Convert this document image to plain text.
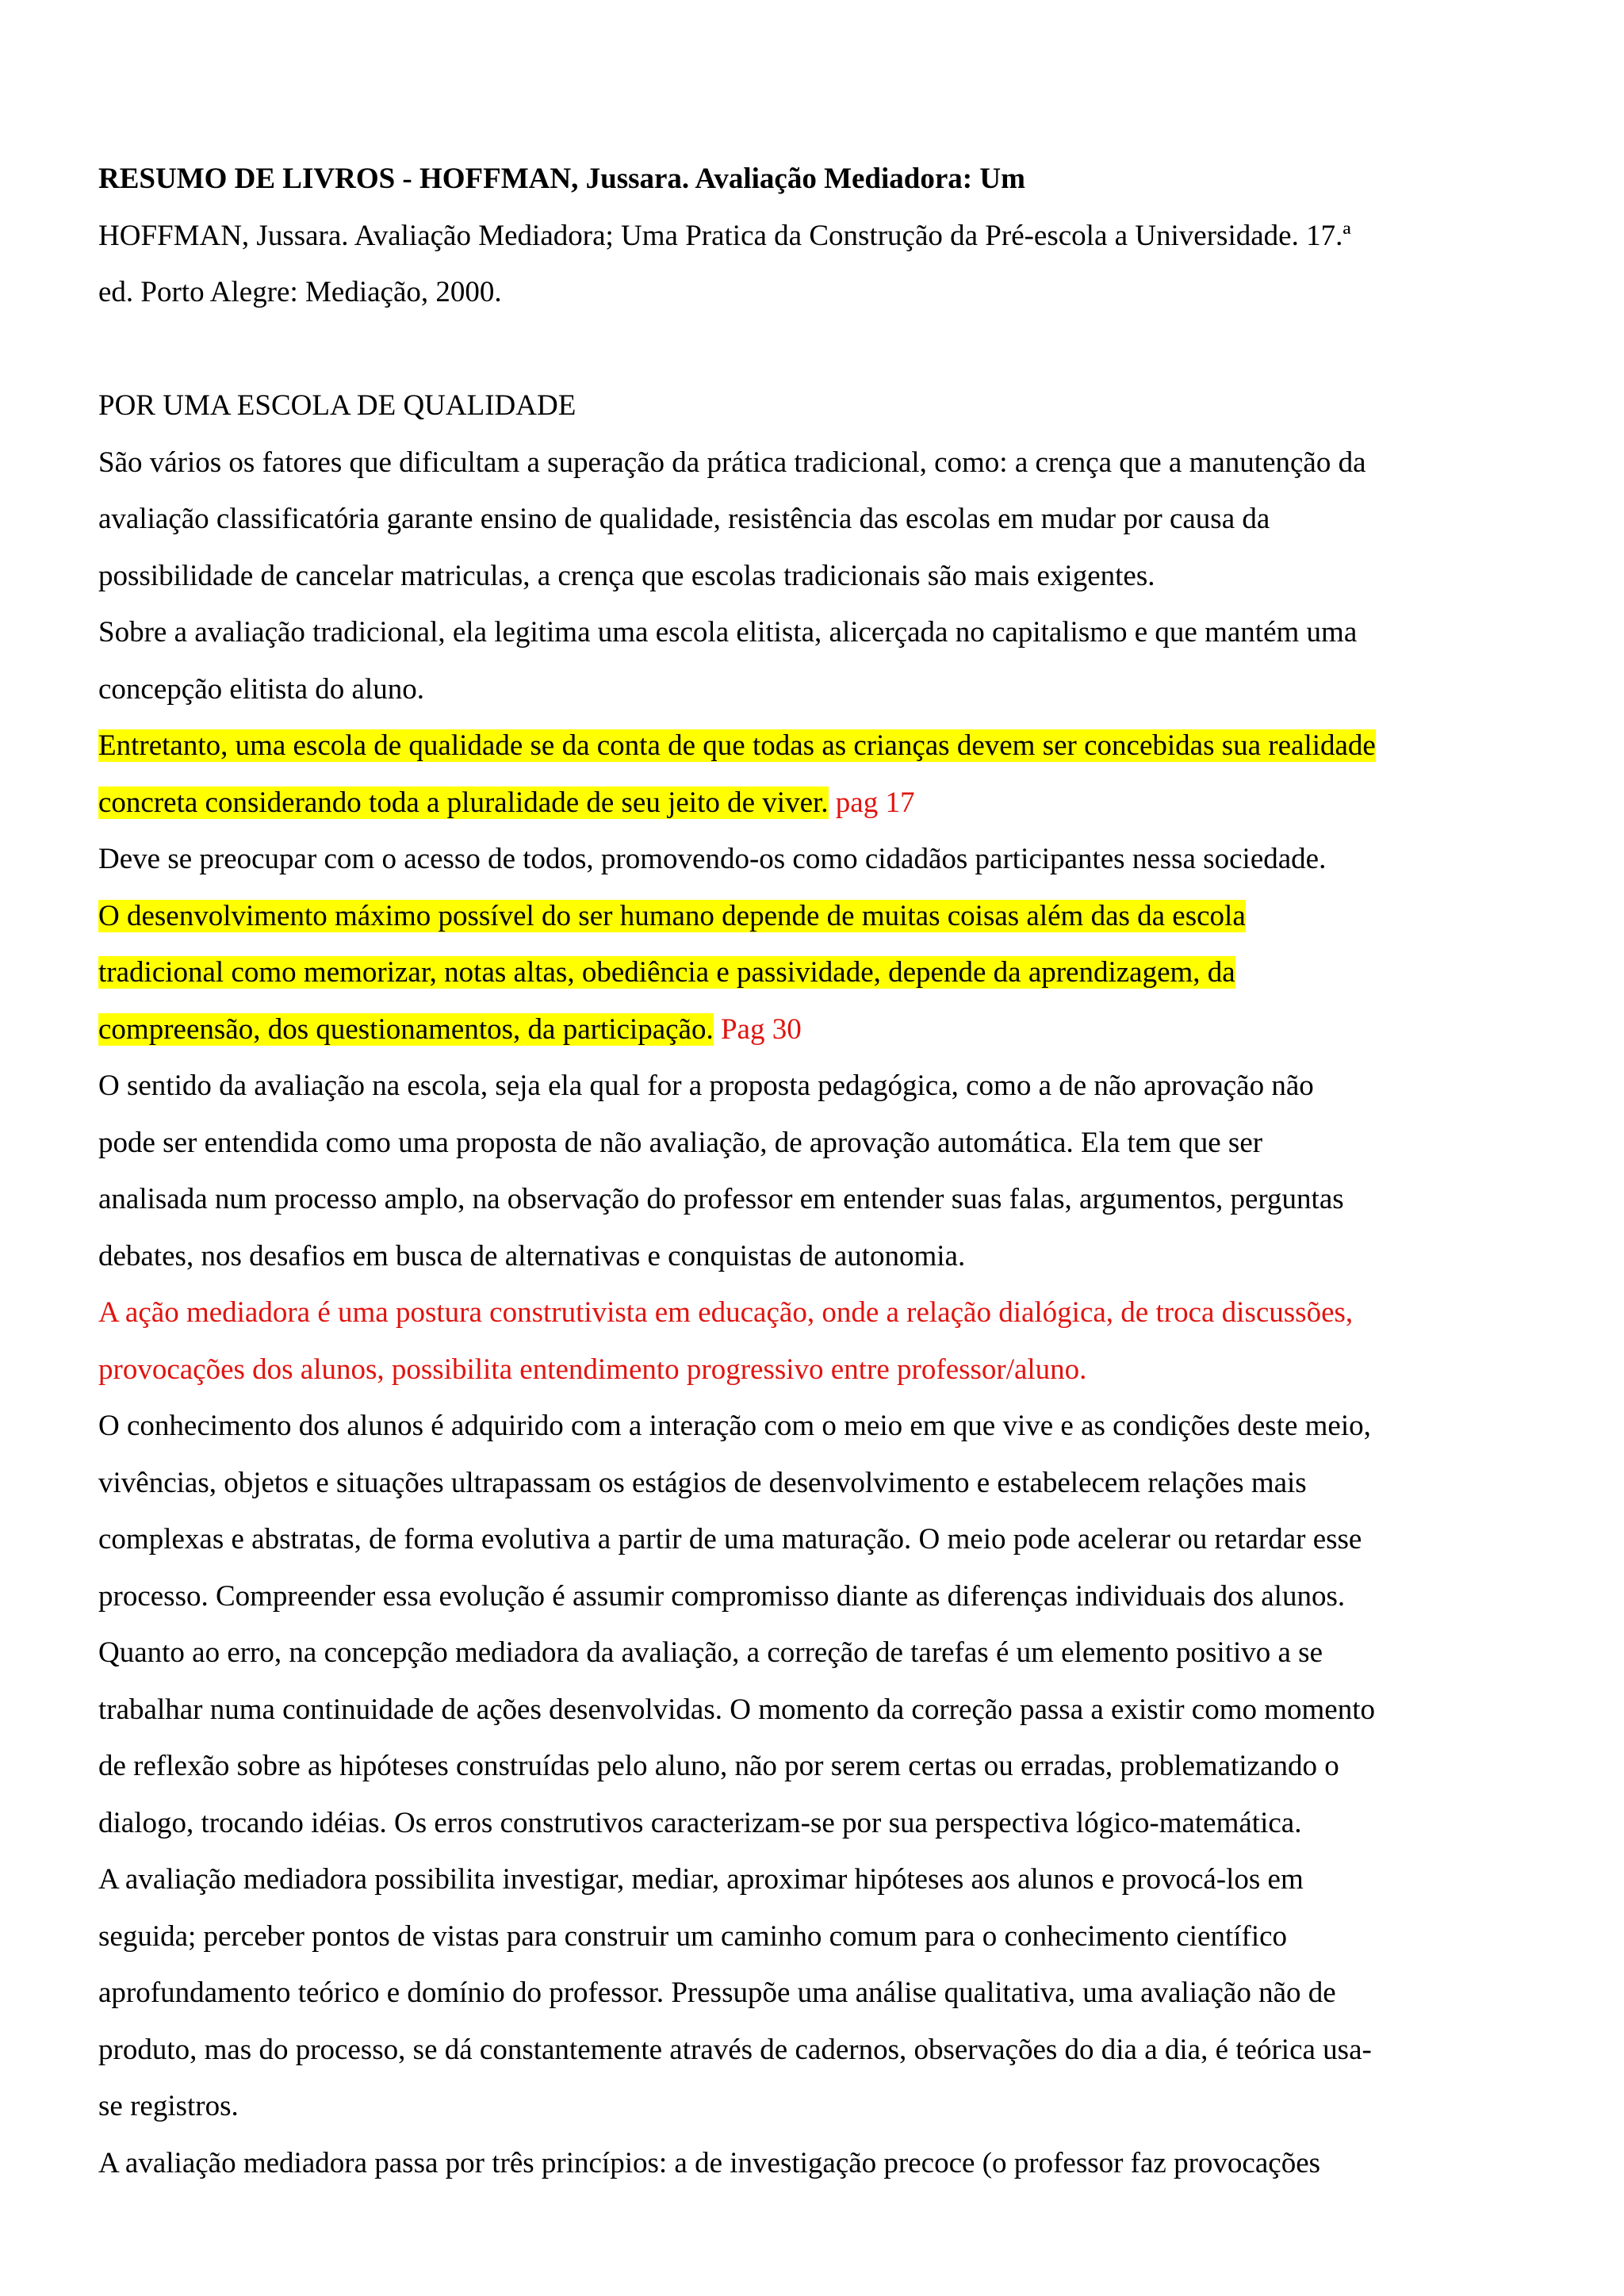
RESUMO DE LIVROS - HOFFMAN, Jussara. Avaliação Mediadora: Um

HOFFMAN, Jussara. Avaliação Mediadora; Uma Pratica da Construção da Pré-escola a Universidade. 17.ª

ed. Porto Alegre: Mediação, 2000.

POR UMA ESCOLA DE QUALIDADE

São vários os fatores que dificultam a superação da prática tradicional, como: a crença que a manutenção da

avaliação classificatória garante ensino de qualidade, resistência das escolas em mudar por causa da

possibilidade de cancelar matriculas, a crença que escolas tradicionais são mais exigentes.

Sobre a avaliação tradicional, ela legitima uma escola elitista, alicerçada no capitalismo e que mantém uma

concepção elitista do aluno.

Entretanto, uma escola de qualidade se da conta de que todas as crianças devem ser concebidas sua realidade

concreta considerando toda a pluralidade de seu jeito de viver. pag 17

Deve se preocupar com o acesso de todos, promovendo-os como cidadãos participantes nessa sociedade.

O desenvolvimento máximo possível do ser humano depende de muitas coisas além das da escola

tradicional como memorizar, notas altas, obediência e passividade, depende da aprendizagem, da

compreensão, dos questionamentos, da participação. Pag 30

O sentido da avaliação na escola, seja ela qual for a proposta pedagógica, como a de não aprovação não

pode ser entendida como uma proposta de não avaliação, de aprovação automática. Ela tem que ser

analisada num processo amplo, na observação do professor em entender suas falas, argumentos, perguntas

debates, nos desafios em busca de alternativas e conquistas de autonomia.

A ação mediadora é uma postura construtivista em educação, onde a relação dialógica, de troca discussões,

provocações dos alunos, possibilita entendimento progressivo entre professor/aluno.

O conhecimento dos alunos é adquirido com a interação com o meio em que vive e as condições deste meio,

vivências, objetos e situações ultrapassam os estágios de desenvolvimento e estabelecem relações mais

complexas e abstratas, de forma evolutiva a partir de uma maturação. O meio pode acelerar ou retardar esse

processo. Compreender essa evolução é assumir compromisso diante as diferenças individuais dos alunos.

Quanto ao erro, na concepção mediadora da avaliação, a correção de tarefas é um elemento positivo a se

trabalhar numa continuidade de ações desenvolvidas. O momento da correção passa a existir como momento

de reflexão sobre as hipóteses construídas pelo aluno, não por serem certas ou erradas, problematizando o

dialogo, trocando idéias. Os erros construtivos caracterizam-se por sua perspectiva lógico-matemática.

A avaliação mediadora possibilita investigar, mediar, aproximar hipóteses aos alunos e provocá-los em

seguida; perceber pontos de vistas para construir um caminho comum para o conhecimento científico

aprofundamento teórico e domínio do professor. Pressupõe uma análise qualitativa, uma avaliação não de

produto, mas do processo, se dá constantemente através de cadernos, observações do dia a dia, é teórica usa-

se registros.

A avaliação mediadora passa por três princípios: a de investigação precoce (o professor faz provocações
